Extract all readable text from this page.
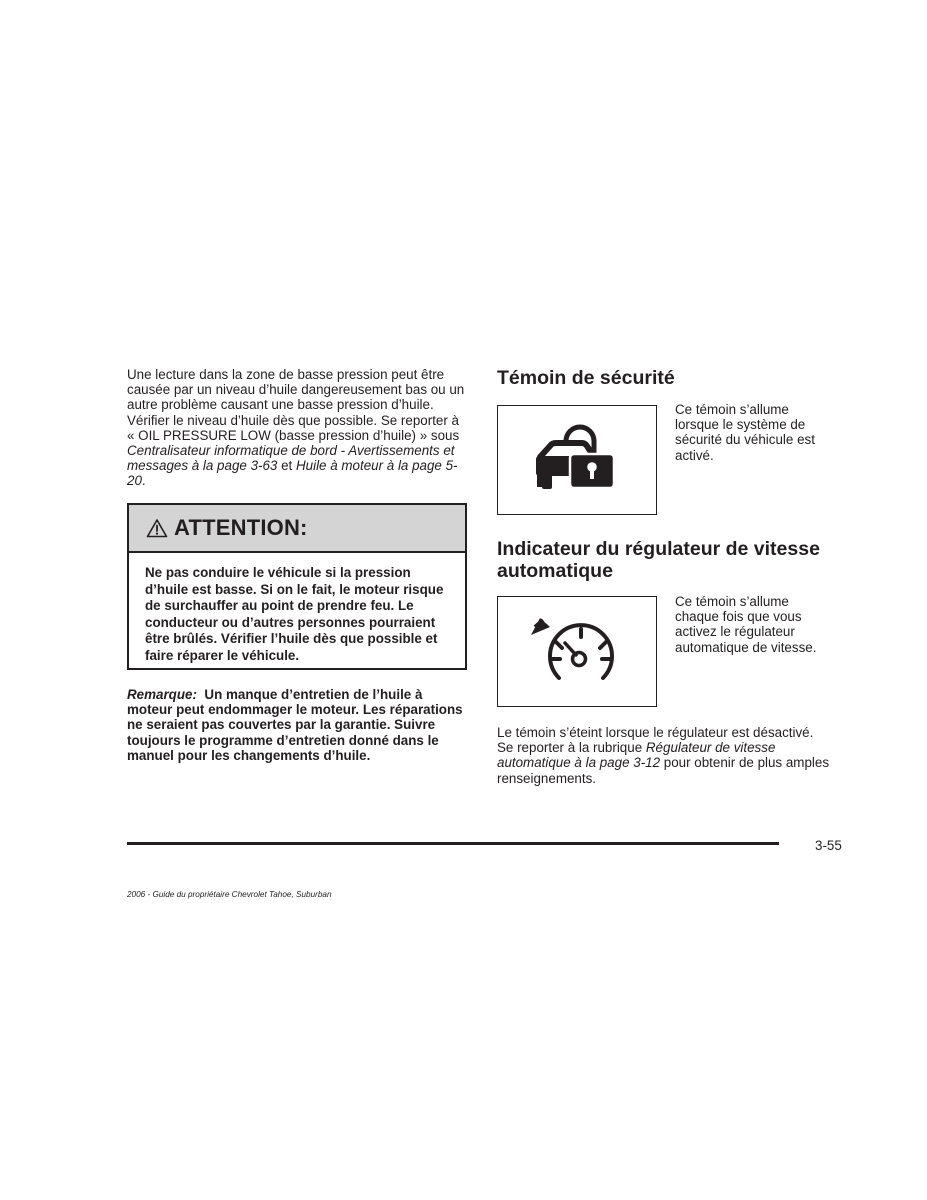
Une lecture dans la zone de basse pression peut être causée par un niveau d’huile dangereusement bas ou un autre problème causant une basse pression d’huile. Vérifier le niveau d’huile dès que possible. Se reporter à « OIL PRESSURE LOW (basse pression d’huile) » sous Centralisateur informatique de bord - Avertissements et messages à la page 3-63 et Huile à moteur à la page 5-20.

ATTENTION:
Ne pas conduire le véhicule si la pression d’huile est basse. Si on le fait, le moteur risque de surchauffer au point de prendre feu. Le conducteur ou d’autres personnes pourraient être brûlés. Vérifier l’huile dès que possible et faire réparer le véhicule.

Remarque: Un manque d’entretien de l’huile à moteur peut endommager le moteur. Les réparations ne seraient pas couvertes par la garantie. Suivre toujours le programme d’entretien donné dans le manuel pour les changements d’huile.

Témoin de sécurité

Ce témoin s’allume lorsque le système de sécurité du véhicule est activé.

Indicateur du régulateur de vitesse automatique

Ce témoin s’allume chaque fois que vous activez le régulateur automatique de vitesse.

Le témoin s’éteint lorsque le régulateur est désactivé. Se reporter à la rubrique Régulateur de vitesse automatique à la page 3-12 pour obtenir de plus amples renseignements.

3-55
2006 - Guide du propriétaire Chevrolet Tahoe, Suburban
